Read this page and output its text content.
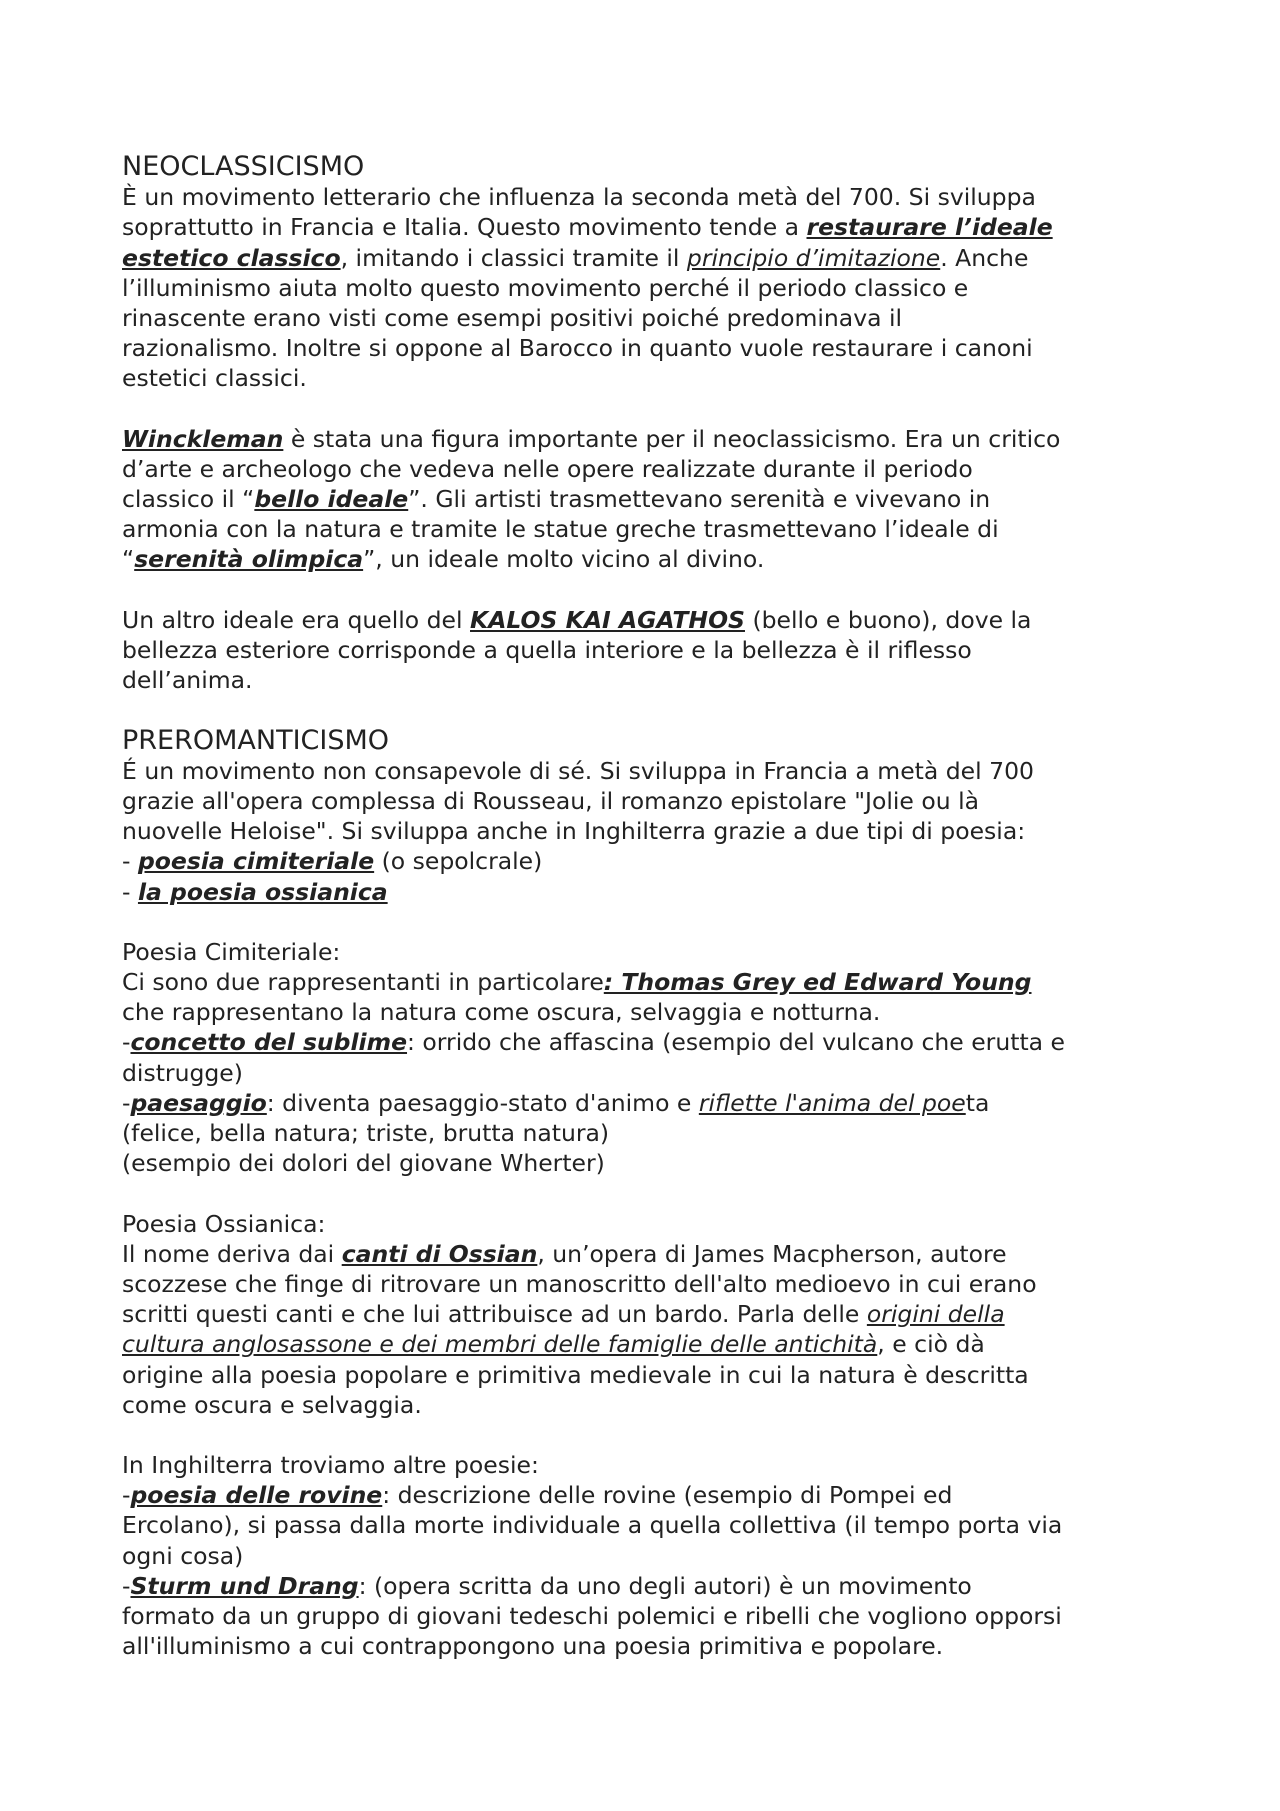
NEOCLASSICISMO
È un movimento letterario che influenza la seconda metà del 700. Si sviluppa
soprattutto in Francia e Italia. Questo movimento tende a restaurare l’ideale
estetico classico, imitando i classici tramite il principio d’imitazione. Anche
l’illuminismo aiuta molto questo movimento perché il periodo classico e
rinascente erano visti come esempi positivi poiché predominava il
razionalismo. Inoltre si oppone al Barocco in quanto vuole restaurare i canoni
estetici classici.
Winckleman è stata una figura importante per il neoclassicismo. Era un critico
d’arte e archeologo che vedeva nelle opere realizzate durante il periodo
classico il “bello ideale”. Gli artisti trasmettevano serenità e vivevano in
armonia con la natura e tramite le statue greche trasmettevano l’ideale di
“serenità olimpica”, un ideale molto vicino al divino.
Un altro ideale era quello del KALOS KAI AGATHOS (bello e buono), dove la
bellezza esteriore corrisponde a quella interiore e la bellezza è il riflesso
dell’anima.
PREROMANTICISMO
É un movimento non consapevole di sé. Si sviluppa in Francia a metà del 700
grazie all'opera complessa di Rousseau, il romanzo epistolare "Jolie ou là
nuovelle Heloise". Si sviluppa anche in Inghilterra grazie a due tipi di poesia:
- poesia cimiteriale (o sepolcrale)
- la poesia ossianica
Poesia Cimiteriale:
Ci sono due rappresentanti in particolare: Thomas Grey ed Edward Young
che rappresentano la natura come oscura, selvaggia e notturna.
-concetto del sublime: orrido che affascina (esempio del vulcano che erutta e
distrugge)
-paesaggio: diventa paesaggio-stato d'animo e riflette l'anima del poeta
(felice, bella natura; triste, brutta natura)
(esempio dei dolori del giovane Wherter)
Poesia Ossianica:
Il nome deriva dai canti di Ossian, un’opera di James Macpherson, autore
scozzese che finge di ritrovare un manoscritto dell'alto medioevo in cui erano
scritti questi canti e che lui attribuisce ad un bardo. Parla delle origini della
cultura anglosassone e dei membri delle famiglie delle antichità, e ciò dà
origine alla poesia popolare e primitiva medievale in cui la natura è descritta
come oscura e selvaggia.
In Inghilterra troviamo altre poesie:
-poesia delle rovine: descrizione delle rovine (esempio di Pompei ed
Ercolano), si passa dalla morte individuale a quella collettiva (il tempo porta via
ogni cosa)
-Sturm und Drang: (opera scritta da uno degli autori) è un movimento
formato da un gruppo di giovani tedeschi polemici e ribelli che vogliono opporsi
all'illuminismo a cui contrappongono una poesia primitiva e popolare.
